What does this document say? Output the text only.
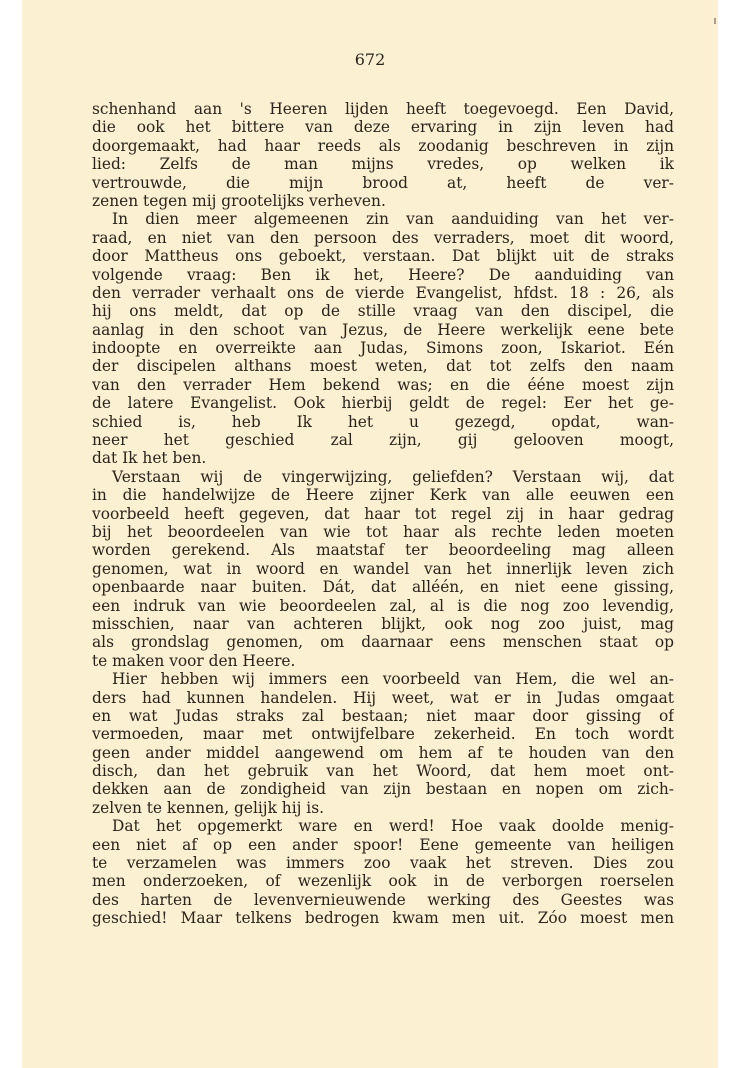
672
schenhand aan 's Heeren lijden heeft toegevoegd. Een David,
die ook het bittere van deze ervaring in zijn leven had
doorgemaakt, had haar reeds als zoodanig beschreven in zijn
lied: Zelfs de man mijns vredes, op welken ik
vertrouwde, die mijn brood at, heeft de ver-
zenen tegen mij grootelijks verheven.
In dien meer algemeenen zin van aanduiding van het ver-
raad, en niet van den persoon des verraders, moet dit woord,
door Mattheus ons geboekt, verstaan. Dat blijkt uit de straks
volgende vraag: Ben ik het, Heere? De aanduiding van
den verrader verhaalt ons de vierde Evangelist, hfdst. 18 : 26, als
hij ons meldt, dat op de stille vraag van den discipel, die
aanlag in den schoot van Jezus, de Heere werkelijk eene bete
indoopte en overreikte aan Judas, Simons zoon, Iskariot. Eén
der discipelen althans moest weten, dat tot zelfs den naam
van den verrader Hem bekend was; en die ééne moest zijn
de latere Evangelist. Ook hierbij geldt de regel: Eer het ge-
schied is, heb Ik het u gezegd, opdat, wan-
neer het geschied zal zijn, gij gelooven moogt,
dat Ik het ben.
Verstaan wij de vingerwijzing, geliefden? Verstaan wij, dat
in die handelwijze de Heere zijner Kerk van alle eeuwen een
voorbeeld heeft gegeven, dat haar tot regel zij in haar gedrag
bij het beoordeelen van wie tot haar als rechte leden moeten
worden gerekend. Als maatstaf ter beoordeeling mag alleen
genomen, wat in woord en wandel van het innerlijk leven zich
openbaarde naar buiten. Dát, dat alléén, en niet eene gissing,
een indruk van wie beoordeelen zal, al is die nog zoo levendig,
misschien, naar van achteren blijkt, ook nog zoo juist, mag
als grondslag genomen, om daarnaar eens menschen staat op
te maken voor den Heere.
Hier hebben wij immers een voorbeeld van Hem, die wel an-
ders had kunnen handelen. Hij weet, wat er in Judas omgaat
en wat Judas straks zal bestaan; niet maar door gissing of
vermoeden, maar met ontwijfelbare zekerheid. En toch wordt
geen ander middel aangewend om hem af te houden van den
disch, dan het gebruik van het Woord, dat hem moet ont-
dekken aan de zondigheid van zijn bestaan en nopen om zich-
zelven te kennen, gelijk hij is.
Dat het opgemerkt ware en werd! Hoe vaak doolde menig-
een niet af op een ander spoor! Eene gemeente van heiligen
te verzamelen was immers zoo vaak het streven. Dies zou
men onderzoeken, of wezenlijk ook in de verborgen roerselen
des harten de levenvernieuwende werking des Geestes was
geschied! Maar telkens bedrogen kwam men uit. Zóo moest men
